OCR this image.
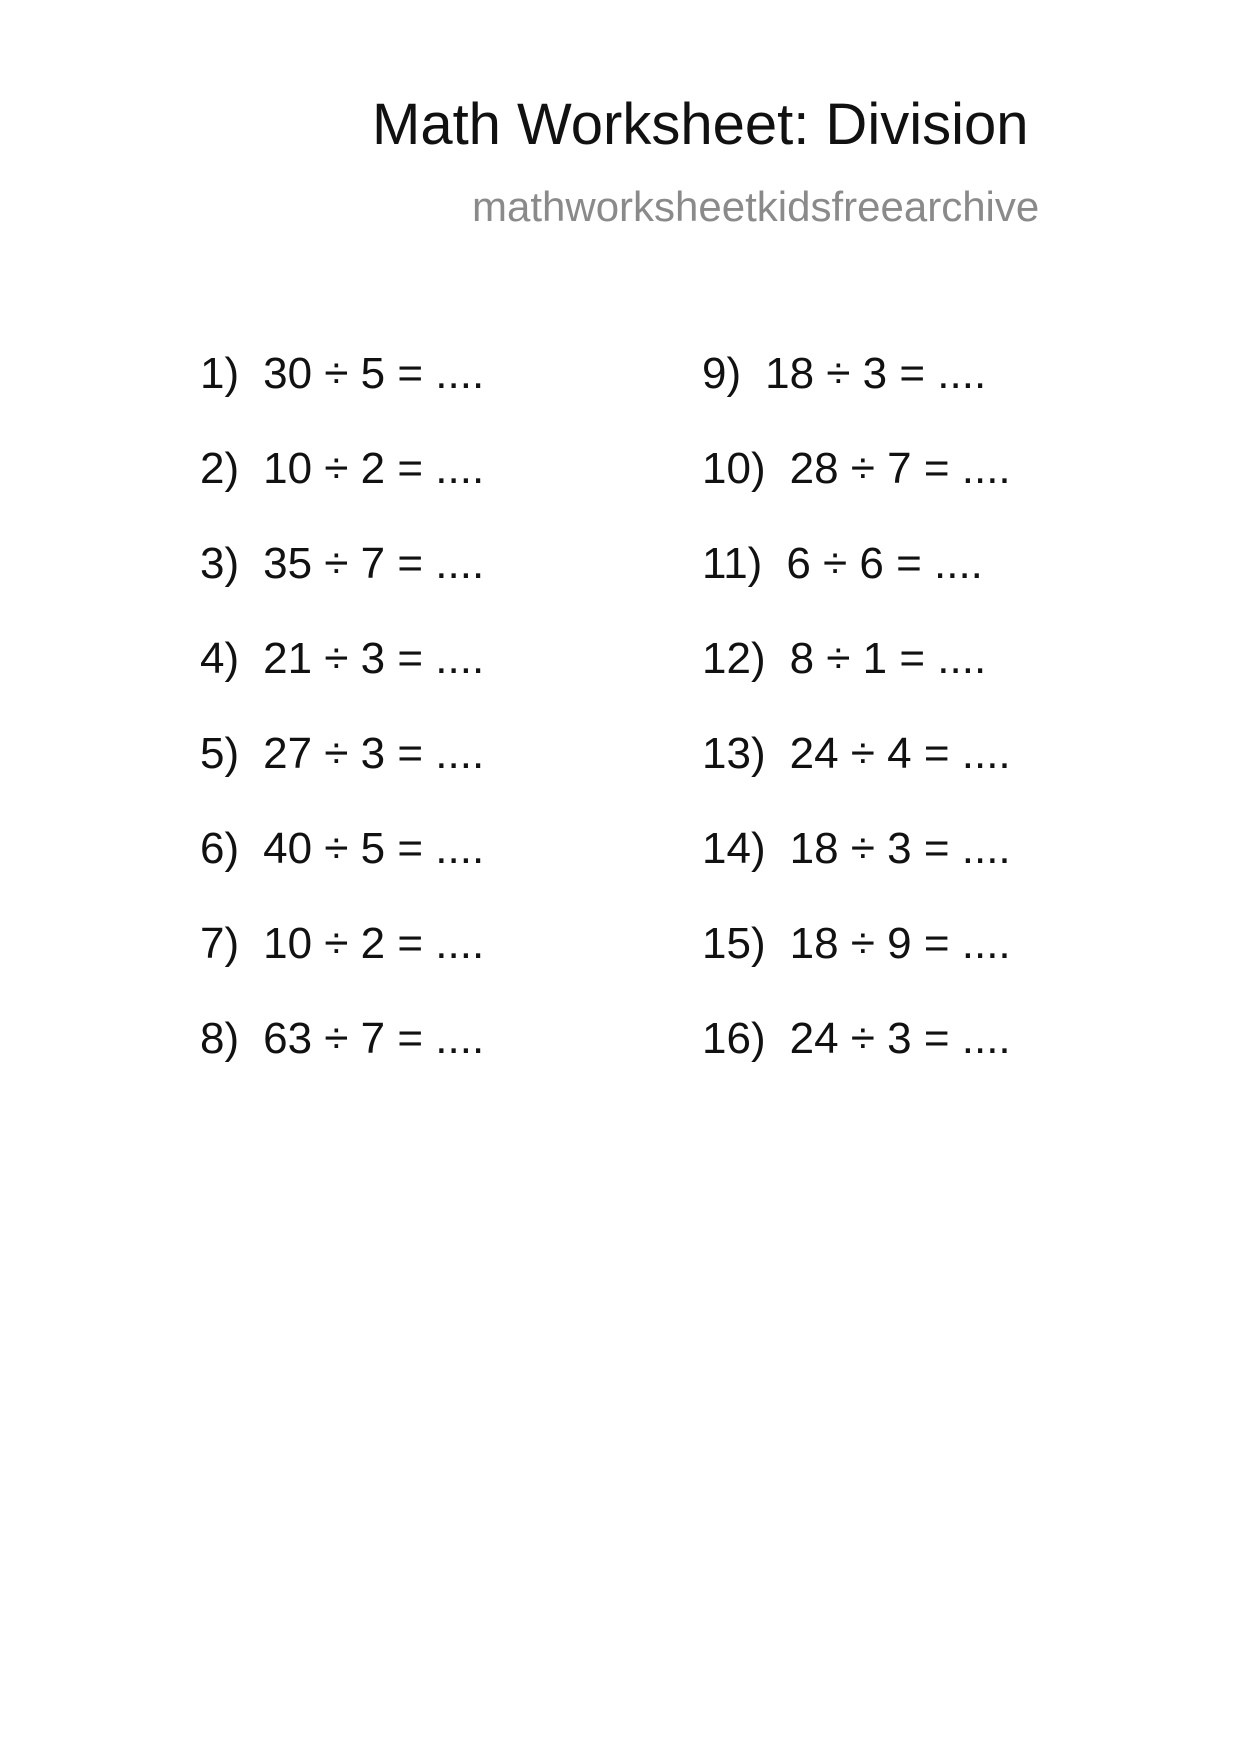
Math Worksheet: Division
mathworksheetkidsfreearchive
1) 30 ÷ 5 = ....
2) 10 ÷ 2 = ....
3) 35 ÷ 7 = ....
4) 21 ÷ 3 = ....
5) 27 ÷ 3 = ....
6) 40 ÷ 5 = ....
7) 10 ÷ 2 = ....
8) 63 ÷ 7 = ....
9) 18 ÷ 3 = ....
10) 28 ÷ 7 = ....
11) 6 ÷ 6 = ....
12) 8 ÷ 1 = ....
13) 24 ÷ 4 = ....
14) 18 ÷ 3 = ....
15) 18 ÷ 9 = ....
16) 24 ÷ 3 = ....
